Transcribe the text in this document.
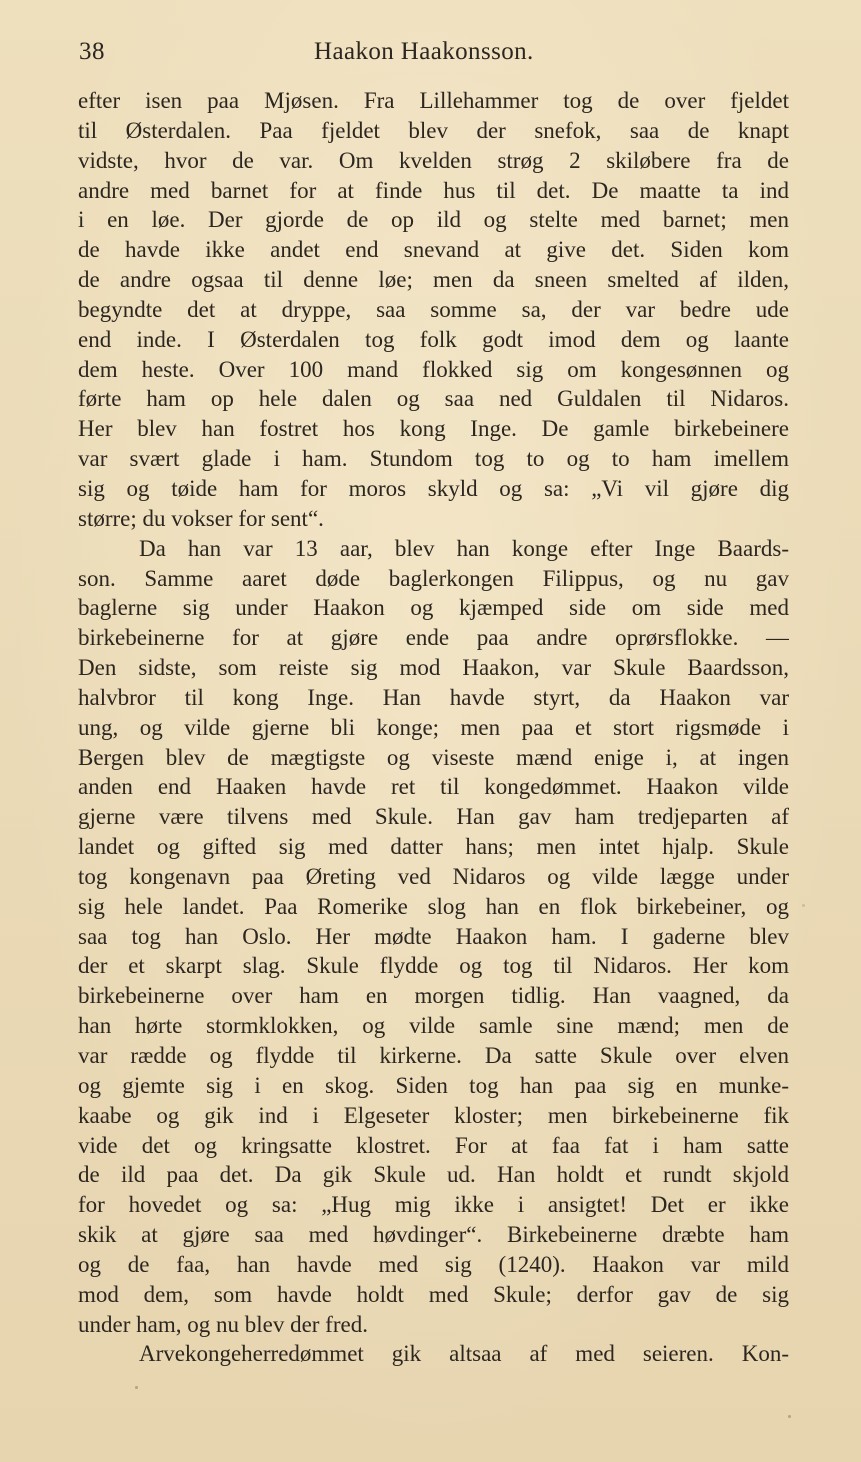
38	Haakon Haakonsson.
efter isen paa Mjøsen. Fra Lillehammer tog de over fjeldet
til Østerdalen. Paa fjeldet blev der snefok, saa de knapt
vidste, hvor de var. Om kvelden strøg 2 skiløbere fra de
andre med barnet for at finde hus til det. De maatte ta ind
i en løe. Der gjorde de op ild og stelte med barnet; men
de havde ikke andet end snevand at give det. Siden kom
de andre ogsaa til denne løe; men da sneen smelted af ilden,
begyndte det at dryppe, saa somme sa, der var bedre ude
end inde. I Østerdalen tog folk godt imod dem og laante
dem heste. Over 100 mand flokked sig om kongesønnen og
førte ham op hele dalen og saa ned Guldalen til Nidaros.
Her blev han fostret hos kong Inge. De gamle birkebeinere
var svært glade i ham. Stundom tog to og to ham imellem
sig og tøide ham for moros skyld og sa: „Vi vil gjøre dig
større; du vokser for sent“.
Da han var 13 aar, blev han konge efter Inge Baards-
son. Samme aaret døde baglerkongen Filippus, og nu gav
baglerne sig under Haakon og kjæmped side om side med
birkebeinerne for at gjøre ende paa andre oprørsflokke. —
Den sidste, som reiste sig mod Haakon, var Skule Baardsson,
halvbror til kong Inge. Han havde styrt, da Haakon var
ung, og vilde gjerne bli konge; men paa et stort rigsmøde i
Bergen blev de mægtigste og viseste mænd enige i, at ingen
anden end Haaken havde ret til kongedømmet. Haakon vilde
gjerne være tilvens med Skule. Han gav ham tredjeparten af
landet og gifted sig med datter hans; men intet hjalp. Skule
tog kongenavn paa Øreting ved Nidaros og vilde lægge under
sig hele landet. Paa Romerike slog han en flok birkebeiner, og
saa tog han Oslo. Her mødte Haakon ham. I gaderne blev
der et skarpt slag. Skule flydde og tog til Nidaros. Her kom
birkebeinerne over ham en morgen tidlig. Han vaagned, da
han hørte stormklokken, og vilde samle sine mænd; men de
var rædde og flydde til kirkerne. Da satte Skule over elven
og gjemte sig i en skog. Siden tog han paa sig en munke-
kaabe og gik ind i Elgeseter kloster; men birkebeinerne fik
vide det og kringsatte klostret. For at faa fat i ham satte
de ild paa det. Da gik Skule ud. Han holdt et rundt skjold
for hovedet og sa: „Hug mig ikke i ansigtet! Det er ikke
skik at gjøre saa med høvdinger“. Birkebeinerne dræbte ham
og de faa, han havde med sig (1240). Haakon var mild
mod dem, som havde holdt med Skule; derfor gav de sig
under ham, og nu blev der fred.
Arvekongeherredømmet gik altsaa af med seieren. Kon-
